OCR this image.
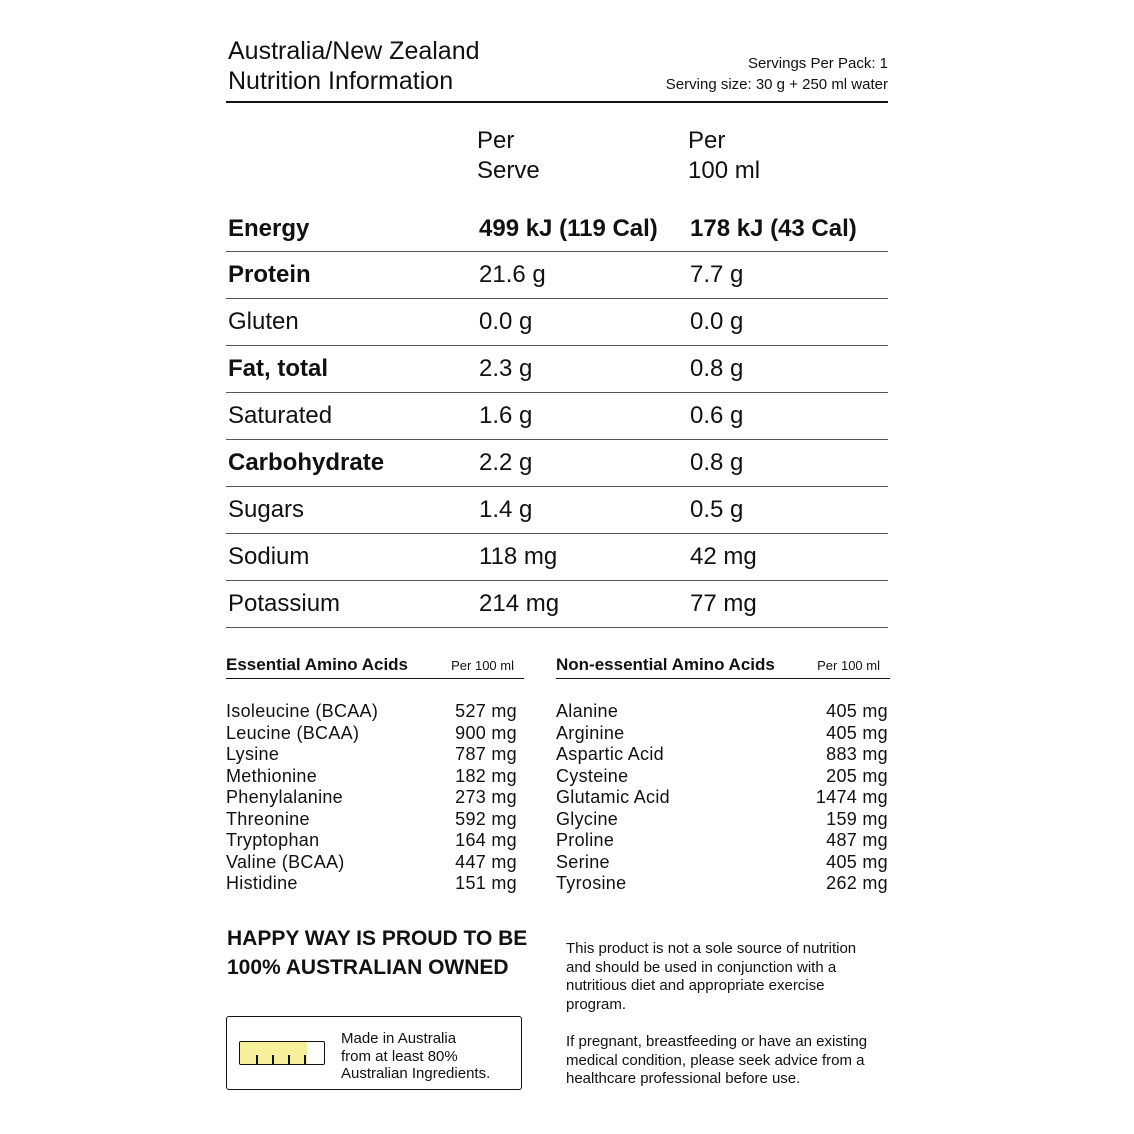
Australia/New Zealand
Nutrition Information
Servings Per Pack: 1
Serving size: 30 g + 250 ml water
Per
Serve
Per
100 ml
Energy	499 kJ (119 Cal)	178 kJ (43 Cal)
Protein	21.6 g	7.7 g
Gluten	0.0 g	0.0 g
Fat, total	2.3 g	0.8 g
Saturated	1.6 g	0.6 g
Carbohydrate	2.2 g	0.8 g
Sugars	1.4 g	0.5 g
Sodium	118 mg	42 mg
Potassium	214 mg	77 mg
Essential Amino Acids	Per 100 ml
Isoleucine (BCAA)	527 mg
Leucine (BCAA)	900 mg
Lysine	787 mg
Methionine	182 mg
Phenylalanine	273 mg
Threonine	592 mg
Tryptophan	164 mg
Valine (BCAA)	447 mg
Histidine	151 mg
Non-essential Amino Acids	Per 100 ml
Alanine	405 mg
Arginine	405 mg
Aspartic Acid	883 mg
Cysteine	205 mg
Glutamic Acid	1474 mg
Glycine	159 mg
Proline	487 mg
Serine	405 mg
Tyrosine	262 mg
HAPPY WAY IS PROUD TO BE
100% AUSTRALIAN OWNED
Made in Australia
from at least 80%
Australian Ingredients.
This product is not a sole source of nutrition
and should be used in conjunction with a
nutritious diet and appropriate exercise
program.
If pregnant, breastfeeding or have an existing
medical condition, please seek advice from a
healthcare professional before use.
